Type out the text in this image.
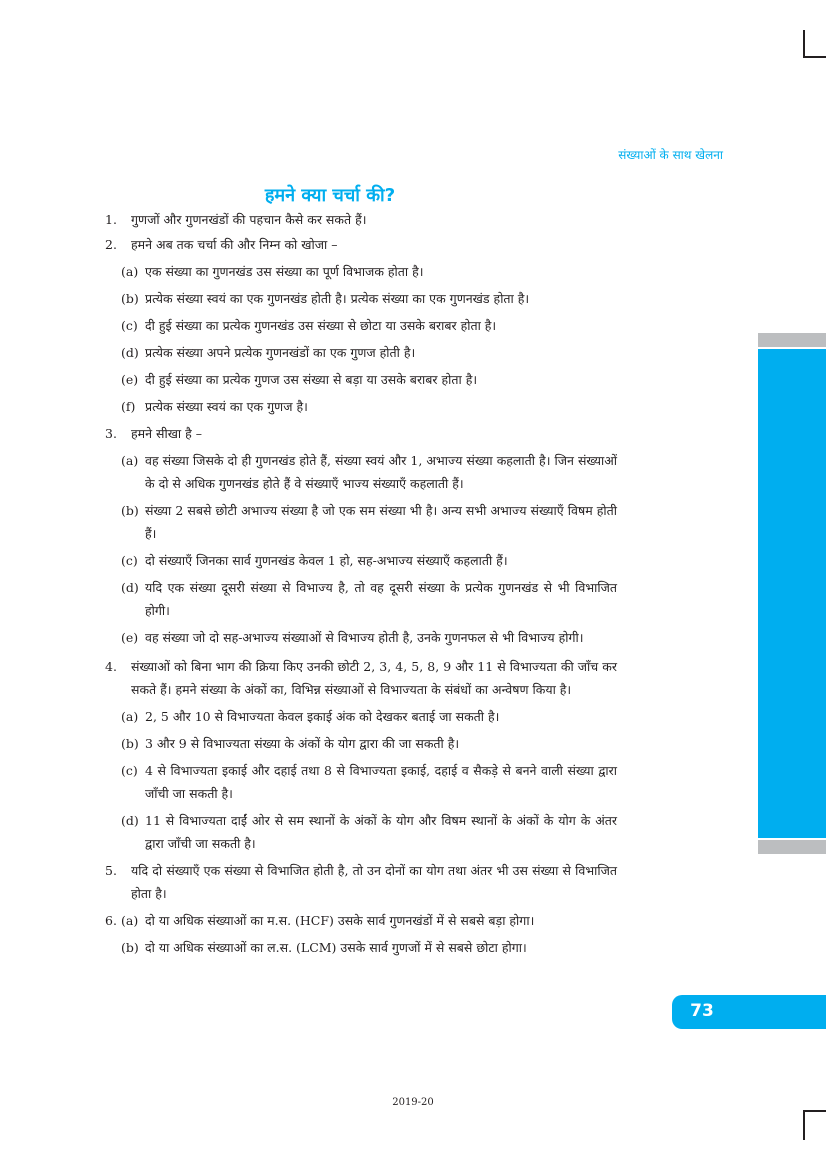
संख्याओं के साथ खेलना
हमने क्या चर्चा की?
1. गुणजों और गुणनखंडों की पहचान कैसे कर सकते हैं।
2. हमने अब तक चर्चा की और निम्न को खोजा –
(a) एक संख्या का गुणनखंड उस संख्या का पूर्ण विभाजक होता है।
(b) प्रत्येक संख्या स्वयं का एक गुणनखंड होती है। प्रत्येक संख्या का एक गुणनखंड होता है।
(c) दी हुई संख्या का प्रत्येक गुणनखंड उस संख्या से छोटा या उसके बराबर होता है।
(d) प्रत्येक संख्या अपने प्रत्येक गुणनखंडों का एक गुणज होती है।
(e) दी हुई संख्या का प्रत्येक गुणज उस संख्या से बड़ा या उसके बराबर होता है।
(f) प्रत्येक संख्या स्वयं का एक गुणज है।
3. हमने सीखा है –
(a) वह संख्या जिसके दो ही गुणनखंड होते हैं, संख्या स्वयं और 1, अभाज्य संख्या कहलाती है। जिन संख्याओं के दो से अधिक गुणनखंड होते हैं वे संख्याएँ भाज्य संख्याएँ कहलाती हैं।
(b) संख्या 2 सबसे छोटी अभाज्य संख्या है जो एक सम संख्या भी है। अन्य सभी अभाज्य संख्याएँ विषम होती हैं।
(c) दो संख्याएँ जिनका सार्व गुणनखंड केवल 1 हो, सह-अभाज्य संख्याएँ कहलाती हैं।
(d) यदि एक संख्या दूसरी संख्या से विभाज्य है, तो वह दूसरी संख्या के प्रत्येक गुणनखंड से भी विभाजित होगी।
(e) वह संख्या जो दो सह-अभाज्य संख्याओं से विभाज्य होती है, उनके गुणनफल से भी विभाज्य होगी।
4. संख्याओं को बिना भाग की क्रिया किए उनकी छोटी 2, 3, 4, 5, 8, 9 और 11 से विभाज्यता की जाँच कर सकते हैं। हमने संख्या के अंकों का, विभिन्न संख्याओं से विभाज्यता के संबंधों का अन्वेषण किया है।
(a) 2, 5 और 10 से विभाज्यता केवल इकाई अंक को देखकर बताई जा सकती है।
(b) 3 और 9 से विभाज्यता संख्या के अंकों के योग द्वारा की जा सकती है।
(c) 4 से विभाज्यता इकाई और दहाई तथा 8 से विभाज्यता इकाई, दहाई व सैकड़े से बनने वाली संख्या द्वारा जाँची जा सकती है।
(d) 11 से विभाज्यता दाईं ओर से सम स्थानों के अंकों के योग और विषम स्थानों के अंकों के योग के अंतर द्वारा जाँची जा सकती है।
5. यदि दो संख्याएँ एक संख्या से विभाजित होती है, तो उन दोनों का योग तथा अंतर भी उस संख्या से विभाजित होता है।
6. (a) दो या अधिक संख्याओं का म.स. (HCF) उसके सार्व गुणनखंडों में से सबसे बड़ा होगा।
(b) दो या अधिक संख्याओं का ल.स. (LCM) उसके सार्व गुणजों में से सबसे छोटा होगा।
73
2019-20
